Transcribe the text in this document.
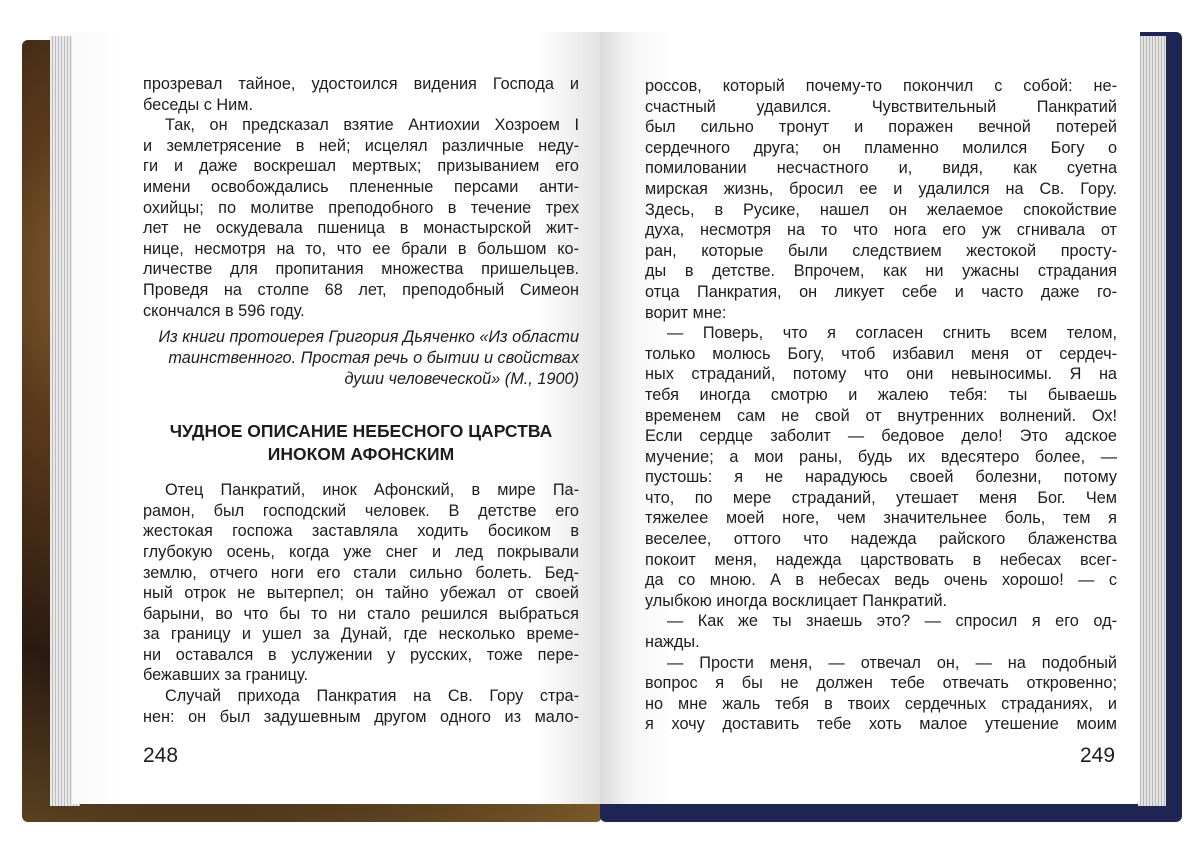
прозревал тайное, удостоился видения Господа и
беседы с Ним.
Так, он предсказал взятие Антиохии Хозроем I
и землетрясение в ней; исцелял различные неду-
ги и даже воскрешал мертвых; призыванием его
имени освобождались плененные персами анти-
охийцы; по молитве преподобного в течение трех
лет не оскудевала пшеница в монастырской жит-
нице, несмотря на то, что ее брали в большом ко-
личестве для пропитания множества пришельцев.
Проведя на столпе 68 лет, преподобный Симеон
скончался в 596 году.
Из книги протоиерея Григория Дьяченко «Из области
таинственного. Простая речь о бытии и свойствах
души человеческой» (М., 1900)
ЧУДНОЕ ОПИСАНИЕ НЕБЕСНОГО ЦАРСТВА
ИНОКОМ АФОНСКИМ
Отец Панкратий, инок Афонский, в мире Па-
рамон, был господский человек. В детстве его
жестокая госпожа заставляла ходить босиком в
глубокую осень, когда уже снег и лед покрывали
землю, отчего ноги его стали сильно болеть. Бед-
ный отрок не вытерпел; он тайно убежал от своей
барыни, во что бы то ни стало решился выбраться
за границу и ушел за Дунай, где несколько време-
ни оставался в услужении у русских, тоже пере-
бежавших за границу.
Случай прихода Панкратия на Св. Гору стра-
нен: он был задушевным другом одного из мало-
248
россов, который почему-то покончил с собой: не-
счастный удавился. Чувствительный Панкратий
был сильно тронут и поражен вечной потерей
сердечного друга; он пламенно молился Богу о
помиловании несчастного и, видя, как суетна
мирская жизнь, бросил ее и удалился на Св. Гору.
Здесь, в Русике, нашел он желаемое спокойствие
духа, несмотря на то что нога его уж сгнивала от
ран, которые были следствием жестокой просту-
ды в детстве. Впрочем, как ни ужасны страдания
отца Панкратия, он ликует себе и часто даже го-
ворит мне:
— Поверь, что я согласен сгнить всем телом,
только молюсь Богу, чтоб избавил меня от сердеч-
ных страданий, потому что они невыносимы. Я на
тебя иногда смотрю и жалею тебя: ты бываешь
временем сам не свой от внутренних волнений. Ох!
Если сердце заболит — бедовое дело! Это адское
мучение; а мои раны, будь их вдесятеро более, —
пустошь: я не нарадуюсь своей болезни, потому
что, по мере страданий, утешает меня Бог. Чем
тяжелее моей ноге, чем значительнее боль, тем я
веселее, оттого что надежда райского блаженства
покоит меня, надежда царствовать в небесах всег-
да со мною. А в небесах ведь очень хорошо! — с
улыбкою иногда восклицает Панкратий.
— Как же ты знаешь это? — спросил я его од-
нажды.
— Прости меня, — отвечал он, — на подобный
вопрос я бы не должен тебе отвечать откровенно;
но мне жаль тебя в твоих сердечных страданиях, и
я хочу доставить тебе хоть малое утешение моим
249
